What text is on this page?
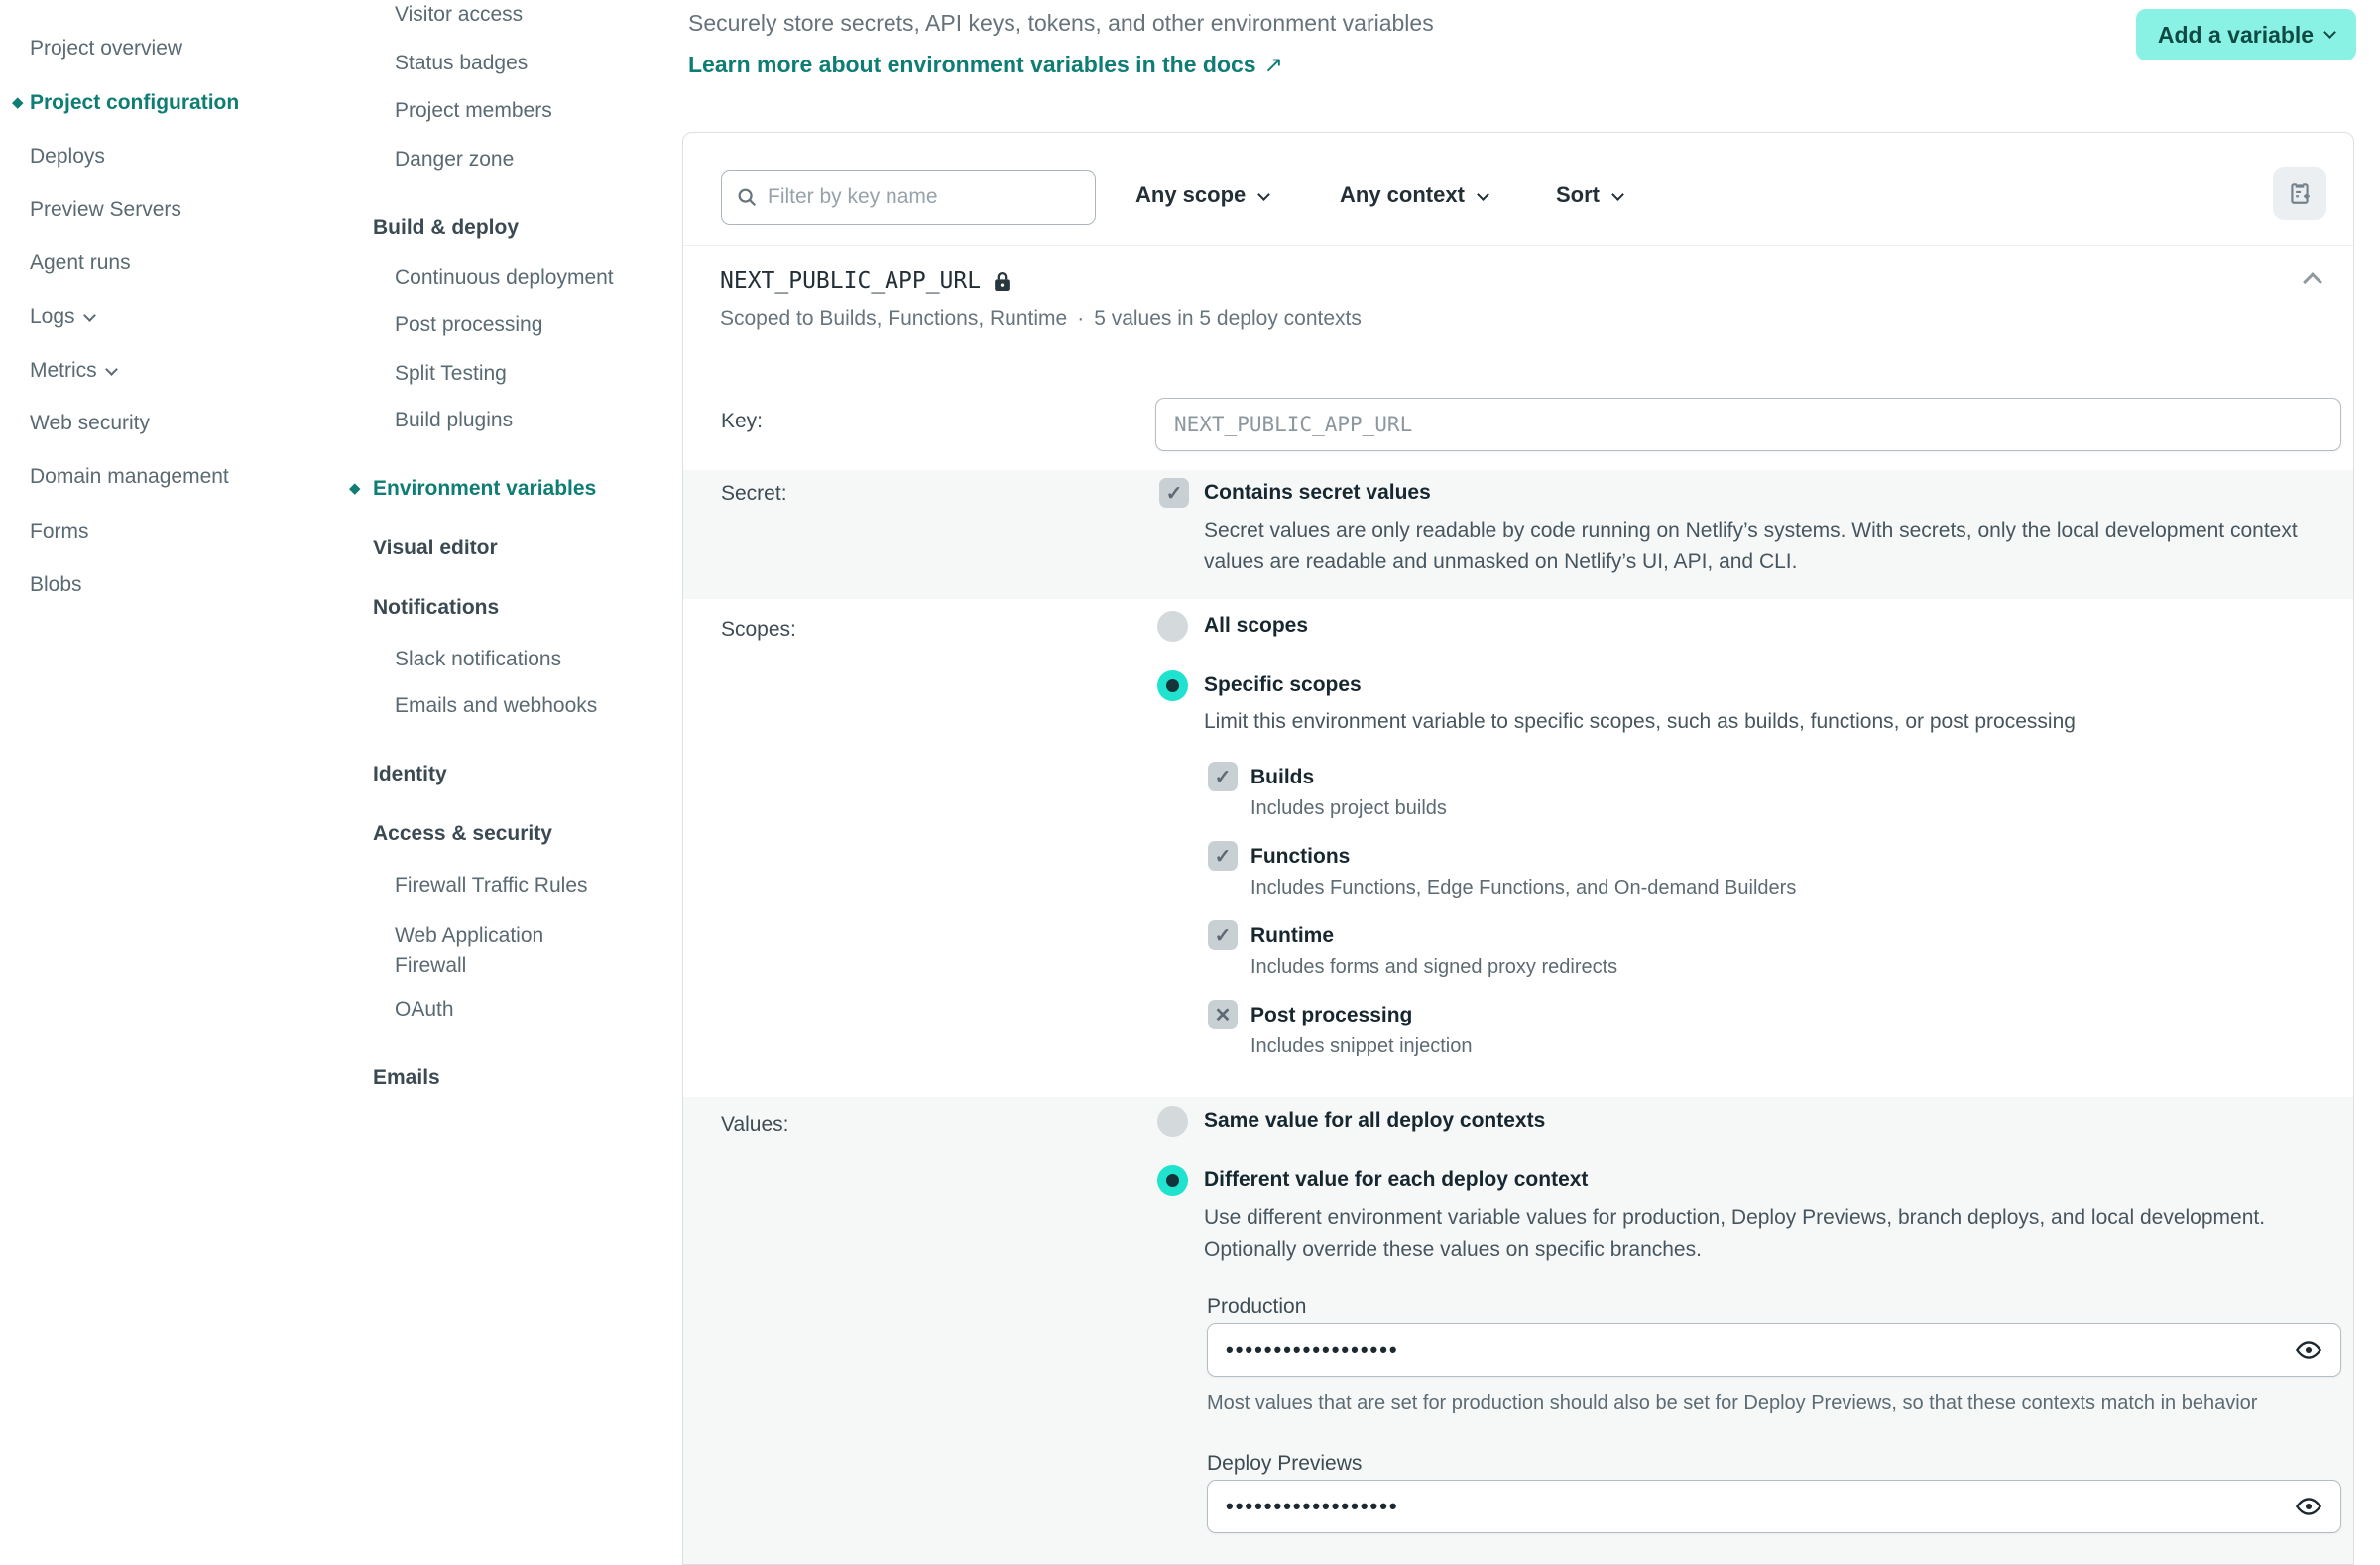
Project overview
◆ Project configuration
Deploys
Preview Servers
Agent runs
Logs
Metrics
Web security
Domain management
Forms
Blobs
Visitor access
Status badges
Project members
Danger zone
Build & deploy
Continuous deployment
Post processing
Split Testing
Build plugins
◆ Environment variables
Visual editor
Notifications
Slack notifications
Emails and webhooks
Identity
Access & security
Firewall Traffic Rules
Web Application Firewall
OAuth
Emails
Securely store secrets, API keys, tokens, and other environment variables
Learn more about environment variables in the docs ↗
Add a variable
Filter by key name
Any scope	Any context	Sort
NEXT_PUBLIC_APP_URL
Scoped to Builds, Functions, Runtime · 5 values in 5 deploy contexts
Key:
NEXT_PUBLIC_APP_URL
Secret:	✓	Contains secret values
Secret values are only readable by code running on Netlify’s systems. With secrets, only the local development context values are readable and unmasked on Netlify’s UI, API, and CLI.
Scopes:	All scopes
Specific scopes
Limit this environment variable to specific scopes, such as builds, functions, or post processing
✓ Builds
Includes project builds
✓ Functions
Includes Functions, Edge Functions, and On-demand Builders
✓ Runtime
Includes forms and signed proxy redirects
✕ Post processing
Includes snippet injection
Values:	Same value for all deploy contexts
Different value for each deploy context
Use different environment variable values for production, Deploy Previews, branch deploys, and local development. Optionally override these values on specific branches.
Production
••••••••••••••••••
Most values that are set for production should also be set for Deploy Previews, so that these contexts match in behavior
Deploy Previews
••••••••••••••••••
